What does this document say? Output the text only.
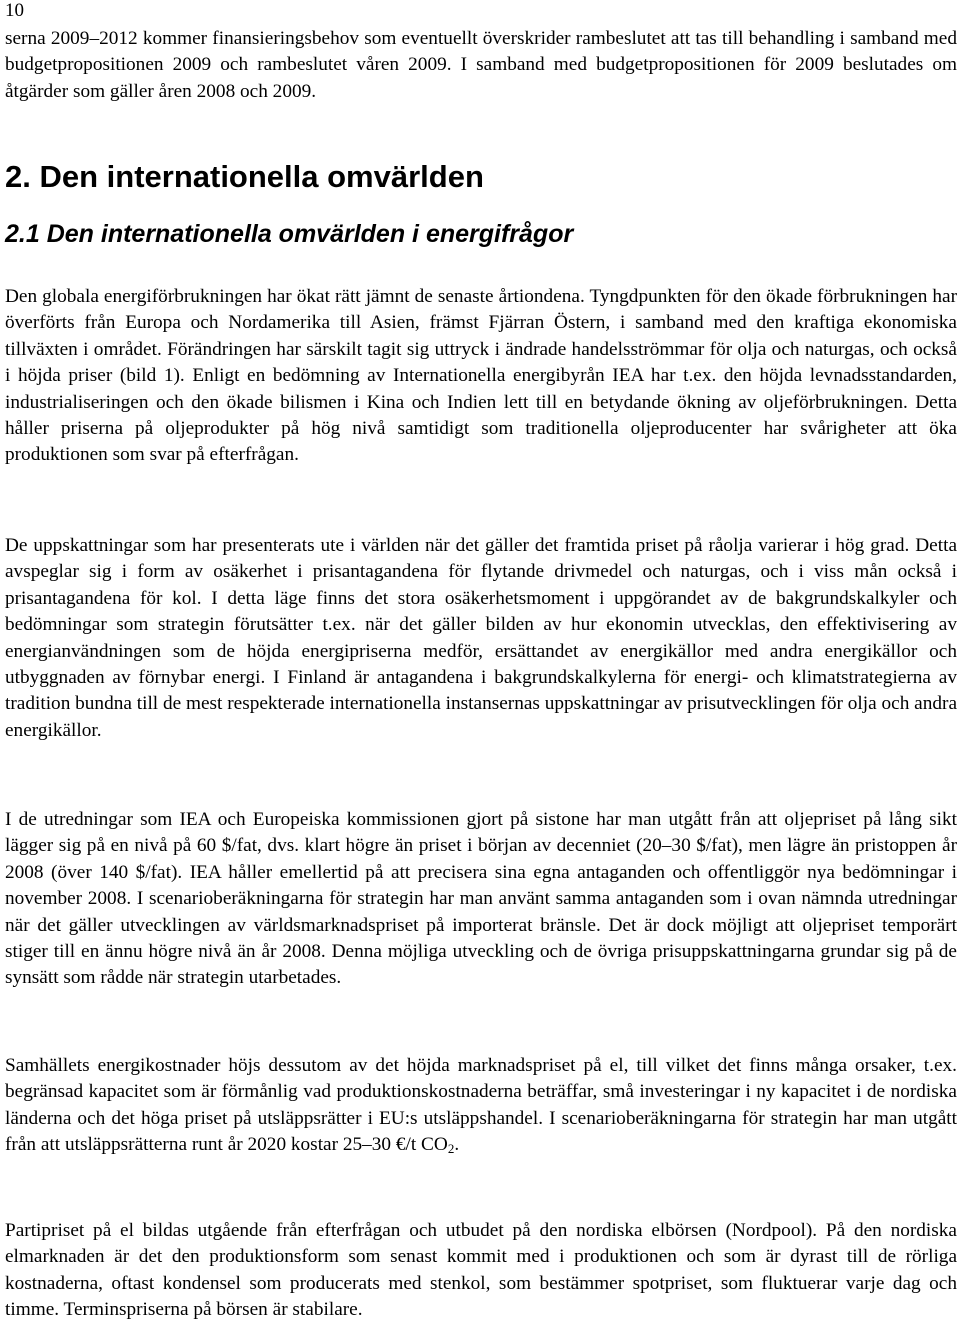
10

serna 2009–2012 kommer finansieringsbehov som eventuellt överskrider rambeslutet att tas till behandling i samband med budgetpropositionen 2009 och rambeslutet våren 2009. I samband med budgetpropositionen för 2009 beslutades om åtgärder som gäller åren 2008 och 2009.

2. Den internationella omvärlden
2.1 Den internationella omvärlden i energifrågor

Den globala energiförbrukningen har ökat rätt jämnt de senaste årtiondena. Tyngdpunkten för den ökade förbrukningen har överförts från Europa och Nordamerika till Asien, främst Fjärran Östern, i samband med den kraftiga ekonomiska tillväxten i området. Förändringen har särskilt tagit sig uttryck i ändrade handelsströmmar för olja och naturgas, och också i höjda priser (bild 1). Enligt en bedömning av Internationella energibyrån IEA har t.ex. den höjda levnadsstandarden, industrialiseringen och den ökade bilismen i Kina och Indien lett till en betydande ökning av oljeförbrukningen. Detta håller priserna på oljeprodukter på hög nivå samtidigt som traditionella oljeproducenter har svårigheter att öka produktionen som svar på efterfrågan.

De uppskattningar som har presenterats ute i världen när det gäller det framtida priset på råolja varierar i hög grad. Detta avspeglar sig i form av osäkerhet i prisantagandena för flytande drivmedel och naturgas, och i viss mån också i prisantagandena för kol. I detta läge finns det stora osäkerhetsmoment i uppgörandet av de bakgrundskalkyler och bedömningar som strategin förutsätter t.ex. när det gäller bilden av hur ekonomin utvecklas, den effektivisering av energianvändningen som de höjda energipriserna medför, ersättandet av energikällor med andra energikällor och utbyggnaden av förnybar energi. I Finland är antagandena i bakgrundskalkylerna för energi- och klimatstrategierna av tradition bundna till de mest respekterade internationella instansernas uppskattningar av prisutvecklingen för olja och andra energikällor.

I de utredningar som IEA och Europeiska kommissionen gjort på sistone har man utgått från att oljepriset på lång sikt lägger sig på en nivå på 60 $/fat, dvs. klart högre än priset i början av decenniet (20–30 $/fat), men lägre än pristoppen år 2008 (över 140 $/fat). IEA håller emellertid på att precisera sina egna antaganden och offentliggör nya bedömningar i november 2008. I scenarioberäkningarna för strategin har man använt samma antaganden som i ovan nämnda utredningar när det gäller utvecklingen av världsmarknadspriset på importerat bränsle. Det är dock möjligt att oljepriset temporärt stiger till en ännu högre nivå än år 2008. Denna möjliga utveckling och de övriga prisuppskattningarna grundar sig på de synsätt som rådde när strategin utarbetades.

Samhällets energikostnader höjs dessutom av det höjda marknadspriset på el, till vilket det finns många orsaker, t.ex. begränsad kapacitet som är förmånlig vad produktionskostnaderna beträffar, små investeringar i ny kapacitet i de nordiska länderna och det höga priset på utsläppsrätter i EU:s utsläppshandel. I scenarioberäkningarna för strategin har man utgått från att utsläppsrätterna runt år 2020 kostar 25–30 €/t $CO_2$.

Partipriset på el bildas utgående från efterfrågan och utbudet på den nordiska elbörsen (Nordpool). På den nordiska elmarknaden är det den produktionsform som senast kommit med i produktionen och som är dyrast till de rörliga kostnaderna, oftast kondensel som producerats med stenkol, som bestämmer spotpriset, som fluktuerar varje dag och timme. Terminspriserna på börsen är stabilare.
